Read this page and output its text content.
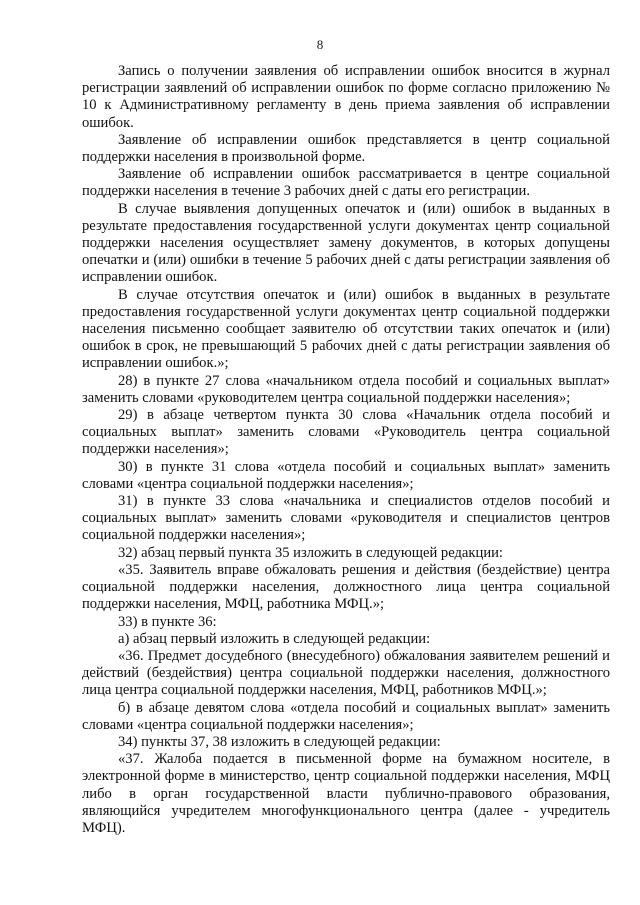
8

Запись о получении заявления об исправлении ошибок вносится в журнал регистрации заявлений об исправлении ошибок по форме согласно приложению № 10 к Административному регламенту в день приема заявления об исправлении ошибок.

Заявление об исправлении ошибок представляется в центр социальной поддержки населения в произвольной форме.

Заявление об исправлении ошибок рассматривается в центре социальной поддержки населения в течение 3 рабочих дней с даты его регистрации.

В случае выявления допущенных опечаток и (или) ошибок в выданных в результате предоставления государственной услуги документах центр социальной поддержки населения осуществляет замену документов, в которых допущены опечатки и (или) ошибки в течение 5 рабочих дней с даты регистрации заявления об исправлении ошибок.

В случае отсутствия опечаток и (или) ошибок в выданных в результате предоставления государственной услуги документах центр социальной поддержки населения письменно сообщает заявителю об отсутствии таких опечаток и (или) ошибок в срок, не превышающий 5 рабочих дней с даты регистрации заявления об исправлении ошибок.»;

28) в пункте 27 слова «начальником отдела пособий и социальных выплат» заменить словами «руководителем центра социальной поддержки населения»;

29) в абзаце четвертом пункта 30 слова «Начальник отдела пособий и социальных выплат» заменить словами «Руководитель центра социальной поддержки населения»;

30) в пункте 31 слова «отдела пособий и социальных выплат» заменить словами «центра социальной поддержки населения»;

31) в пункте 33 слова «начальника и специалистов отделов пособий и социальных выплат» заменить словами «руководителя и специалистов центров социальной поддержки населения»;

32) абзац первый пункта 35 изложить в следующей редакции:

«35. Заявитель вправе обжаловать решения и действия (бездействие) центра социальной поддержки населения, должностного лица центра социальной поддержки населения, МФЦ, работника МФЦ.»;

33) в пункте 36:

а) абзац первый изложить в следующей редакции:

«36. Предмет досудебного (внесудебного) обжалования заявителем решений и действий (бездействия) центра социальной поддержки населения, должностного лица центра социальной поддержки населения, МФЦ, работников МФЦ.»;

б) в абзаце девятом слова «отдела пособий и социальных выплат» заменить словами «центра социальной поддержки населения»;

34) пункты 37, 38 изложить в следующей редакции:

«37. Жалоба подается в письменной форме на бумажном носителе, в электронной форме в министерство, центр социальной поддержки населения, МФЦ либо в орган государственной власти публично-правового образования, являющийся учредителем многофункционального центра (далее - учредитель МФЦ).
